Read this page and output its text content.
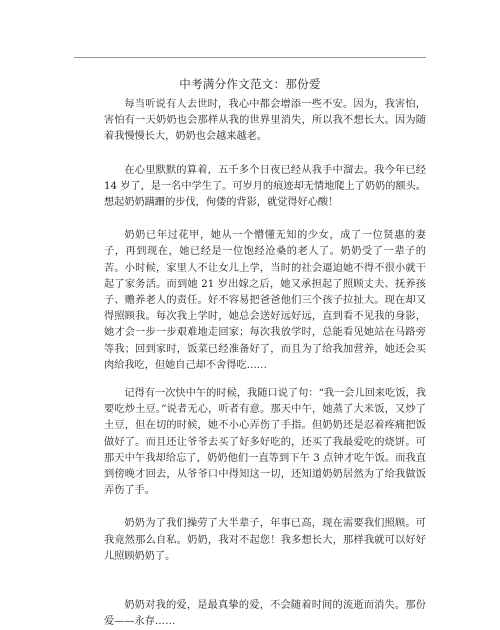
中考满分作文范文：那份爱

每当听说有人去世时，我心中都会增添一些不安。因为，我害怕，害怕有一天奶奶也会那样从我的世界里消失，所以我不想长大。因为随着我慢慢长大，奶奶也会越来越老。

在心里默默的算着，五千多个日夜已经从我手中溜去。我今年已经 14 岁了，是一名中学生了。可岁月的痕迹却无情地爬上了奶奶的额头。想起奶奶蹒跚的步伐，佝偻的背影，就觉得好心酸！

奶奶已年过花甲，她从一个懵懂无知的少女，成了一位贤惠的妻子，再到现在，她已经是一位饱经沧桑的老人了。奶奶受了一辈子的苦。小时候，家里人不让女儿上学，当时的社会逼迫她不得不很小就干起了家务活。而到她 21 岁出嫁之后，她又承担起了照顾丈夫、抚养孩子、赡养老人的责任。好不容易把爸爸他们三个孩子拉扯大。现在却又得照顾我。每次我上学时，她总会送好远好远，直到看不见我的身影，她才会一步一步艰难地走回家；每次我放学时，总能看见她站在马路旁等我；回到家时，饭菜已经准备好了，而且为了给我加营养，她还会买肉给我吃，但她自己却不舍得吃……

记得有一次快中午的时候，我随口说了句：“我一会儿回来吃饭，我要吃炒土豆。”说者无心，听者有意。那天中午，她蒸了大米饭，又炒了土豆，但在切的时候，她不小心弄伤了手指。但奶奶还是忍着疼痛把饭做好了。而且还让爷爷去买了好多好吃的，还买了我最爱吃的烧饼。可那天中午我却给忘了，奶奶他们一直等到下午 3 点钟才吃午饭。而我直到傍晚才回去，从爷爷口中得知这一切，还知道奶奶居然为了给我做饭弄伤了手。

奶奶为了我们操劳了大半辈子，年事已高，现在需要我们照顾。可我竟然那么自私。奶奶，我对不起您！我多想长大，那样我就可以好好儿照顾奶奶了。

奶奶对我的爱，是最真挚的爱，不会随着时间的流逝而消失。那份爱——永存……
